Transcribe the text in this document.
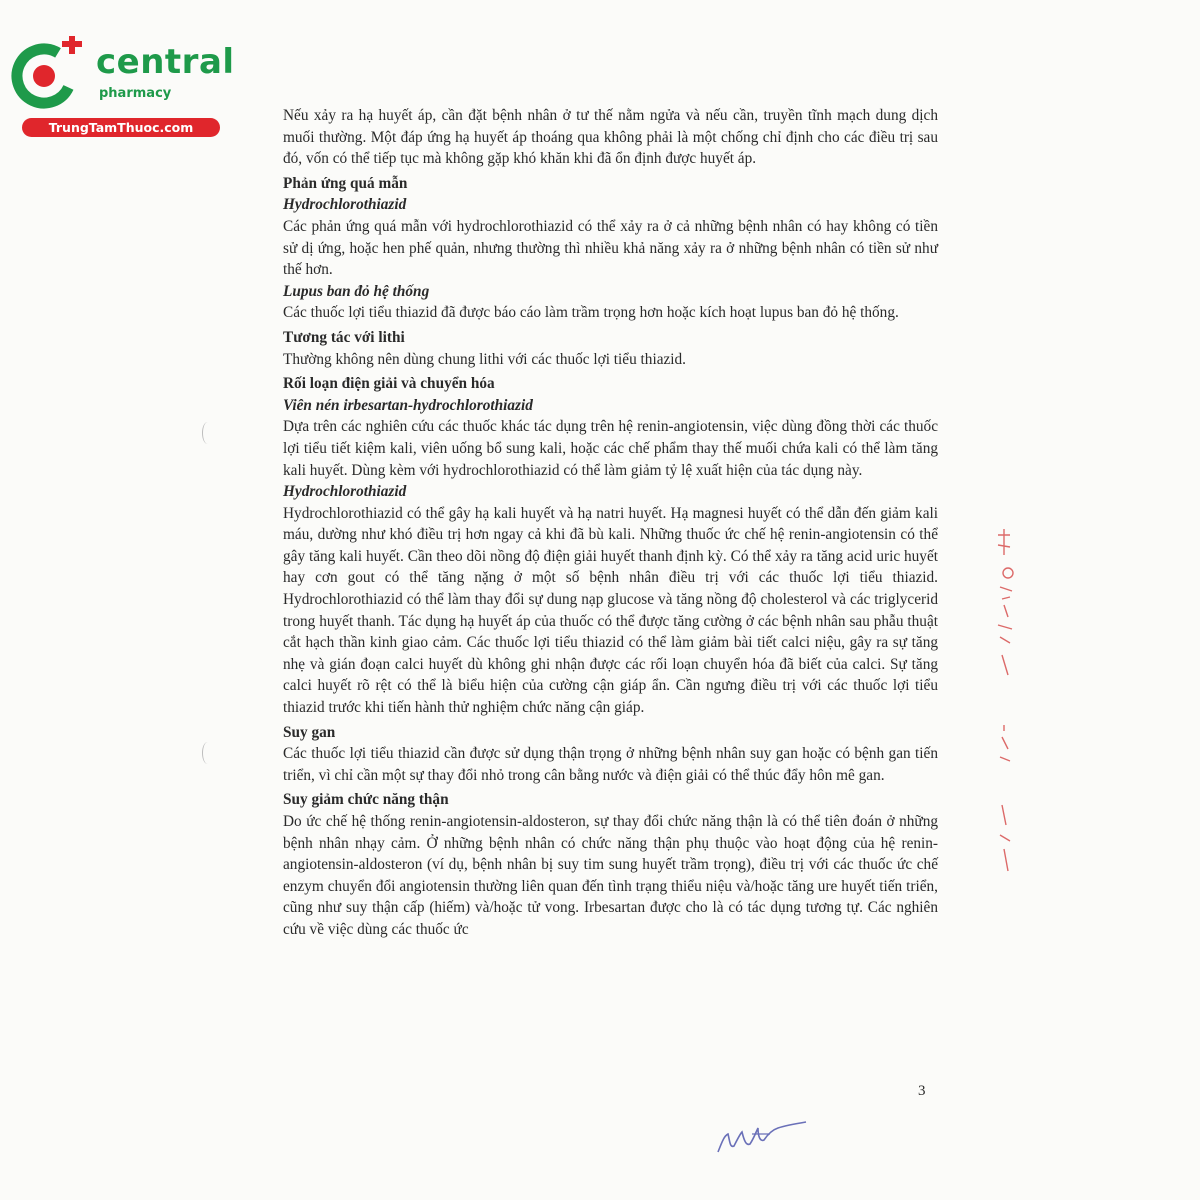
central
pharmacy
TrungTamThuoc.com

Nếu xảy ra hạ huyết áp, cần đặt bệnh nhân ở tư thế nằm ngửa và nếu cần, truyền tĩnh mạch dung dịch muối thường. Một đáp ứng hạ huyết áp thoáng qua không phải là một chống chỉ định cho các điều trị sau đó, vốn có thể tiếp tục mà không gặp khó khăn khi đã ổn định được huyết áp.

Phản ứng quá mẫn

Hydrochlorothiazid

Các phản ứng quá mẫn với hydrochlorothiazid có thể xảy ra ở cả những bệnh nhân có hay không có tiền sử dị ứng, hoặc hen phế quản, nhưng thường thì nhiều khả năng xảy ra ở những bệnh nhân có tiền sử như thế hơn.

Lupus ban đỏ hệ thống

Các thuốc lợi tiểu thiazid đã được báo cáo làm trầm trọng hơn hoặc kích hoạt lupus ban đỏ hệ thống.

Tương tác với lithi

Thường không nên dùng chung lithi với các thuốc lợi tiểu thiazid.

Rối loạn điện giải và chuyển hóa

Viên nén irbesartan-hydrochlorothiazid

Dựa trên các nghiên cứu các thuốc khác tác dụng trên hệ renin-angiotensin, việc dùng đồng thời các thuốc lợi tiểu tiết kiệm kali, viên uống bổ sung kali, hoặc các chế phẩm thay thế muối chứa kali có thể làm tăng kali huyết. Dùng kèm với hydrochlorothiazid có thể làm giảm tỷ lệ xuất hiện của tác dụng này.

Hydrochlorothiazid

Hydrochlorothiazid có thể gây hạ kali huyết và hạ natri huyết. Hạ magnesi huyết có thể dẫn đến giảm kali máu, dường như khó điều trị hơn ngay cả khi đã bù kali. Những thuốc ức chế hệ renin-angiotensin có thể gây tăng kali huyết. Cần theo dõi nồng độ điện giải huyết thanh định kỳ. Có thể xảy ra tăng acid uric huyết hay cơn gout có thể tăng nặng ở một số bệnh nhân điều trị với các thuốc lợi tiểu thiazid. Hydrochlorothiazid có thể làm thay đổi sự dung nạp glucose và tăng nồng độ cholesterol và các triglycerid trong huyết thanh. Tác dụng hạ huyết áp của thuốc có thể được tăng cường ở các bệnh nhân sau phẫu thuật cắt hạch thần kinh giao cảm. Các thuốc lợi tiểu thiazid có thể làm giảm bài tiết calci niệu, gây ra sự tăng nhẹ và gián đoạn calci huyết dù không ghi nhận được các rối loạn chuyển hóa đã biết của calci. Sự tăng calci huyết rõ rệt có thể là biểu hiện của cường cận giáp ẩn. Cần ngưng điều trị với các thuốc lợi tiểu thiazid trước khi tiến hành thử nghiệm chức năng cận giáp.

Suy gan

Các thuốc lợi tiểu thiazid cần được sử dụng thận trọng ở những bệnh nhân suy gan hoặc có bệnh gan tiến triển, vì chỉ cần một sự thay đổi nhỏ trong cân bằng nước và điện giải có thể thúc đẩy hôn mê gan.

Suy giảm chức năng thận

Do ức chế hệ thống renin-angiotensin-aldosteron, sự thay đổi chức năng thận là có thể tiên đoán ở những bệnh nhân nhạy cảm. Ở những bệnh nhân có chức năng thận phụ thuộc vào hoạt động của hệ renin-angiotensin-aldosteron (ví dụ, bệnh nhân bị suy tim sung huyết trầm trọng), điều trị với các thuốc ức chế enzym chuyển đổi angiotensin thường liên quan đến tình trạng thiểu niệu và/hoặc tăng ure huyết tiến triển, cũng như suy thận cấp (hiếm) và/hoặc tử vong. Irbesartan được cho là có tác dụng tương tự. Các nghiên cứu về việc dùng các thuốc ức

3
